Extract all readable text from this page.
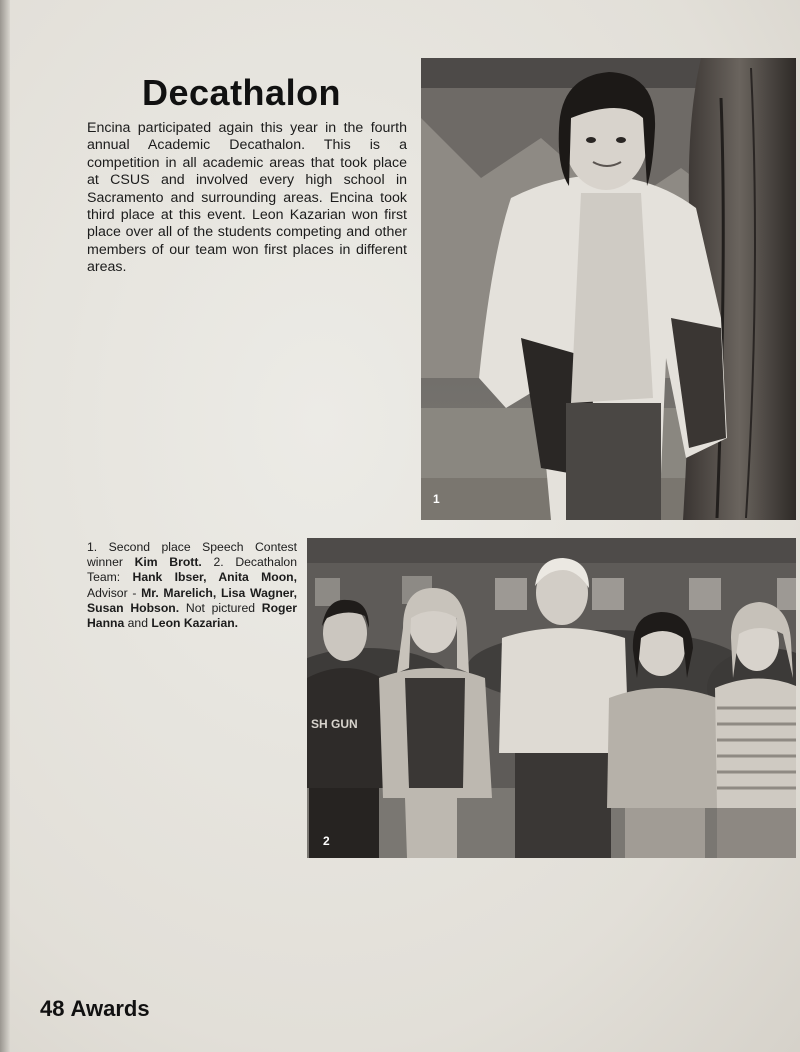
Decathalon
Encina participated again this year in the fourth annual Academic Decathalon. This is a competition in all academic areas that took place at CSUS and involved every high school in Sacramento and surrounding areas. Encina took third place at this event. Leon Kazarian won first place over all of the students competing and other members of our team won first places in different areas.
1
SH GUN
2
1. Second place Speech Contest winner Kim Brott. 2. Decathalon Team: Hank Ibser, Anita Moon, Advisor - Mr. Marelich, Lisa Wagner, Susan Hobson. Not pictured Roger Hanna and Leon Kazarian.
48 Awards
